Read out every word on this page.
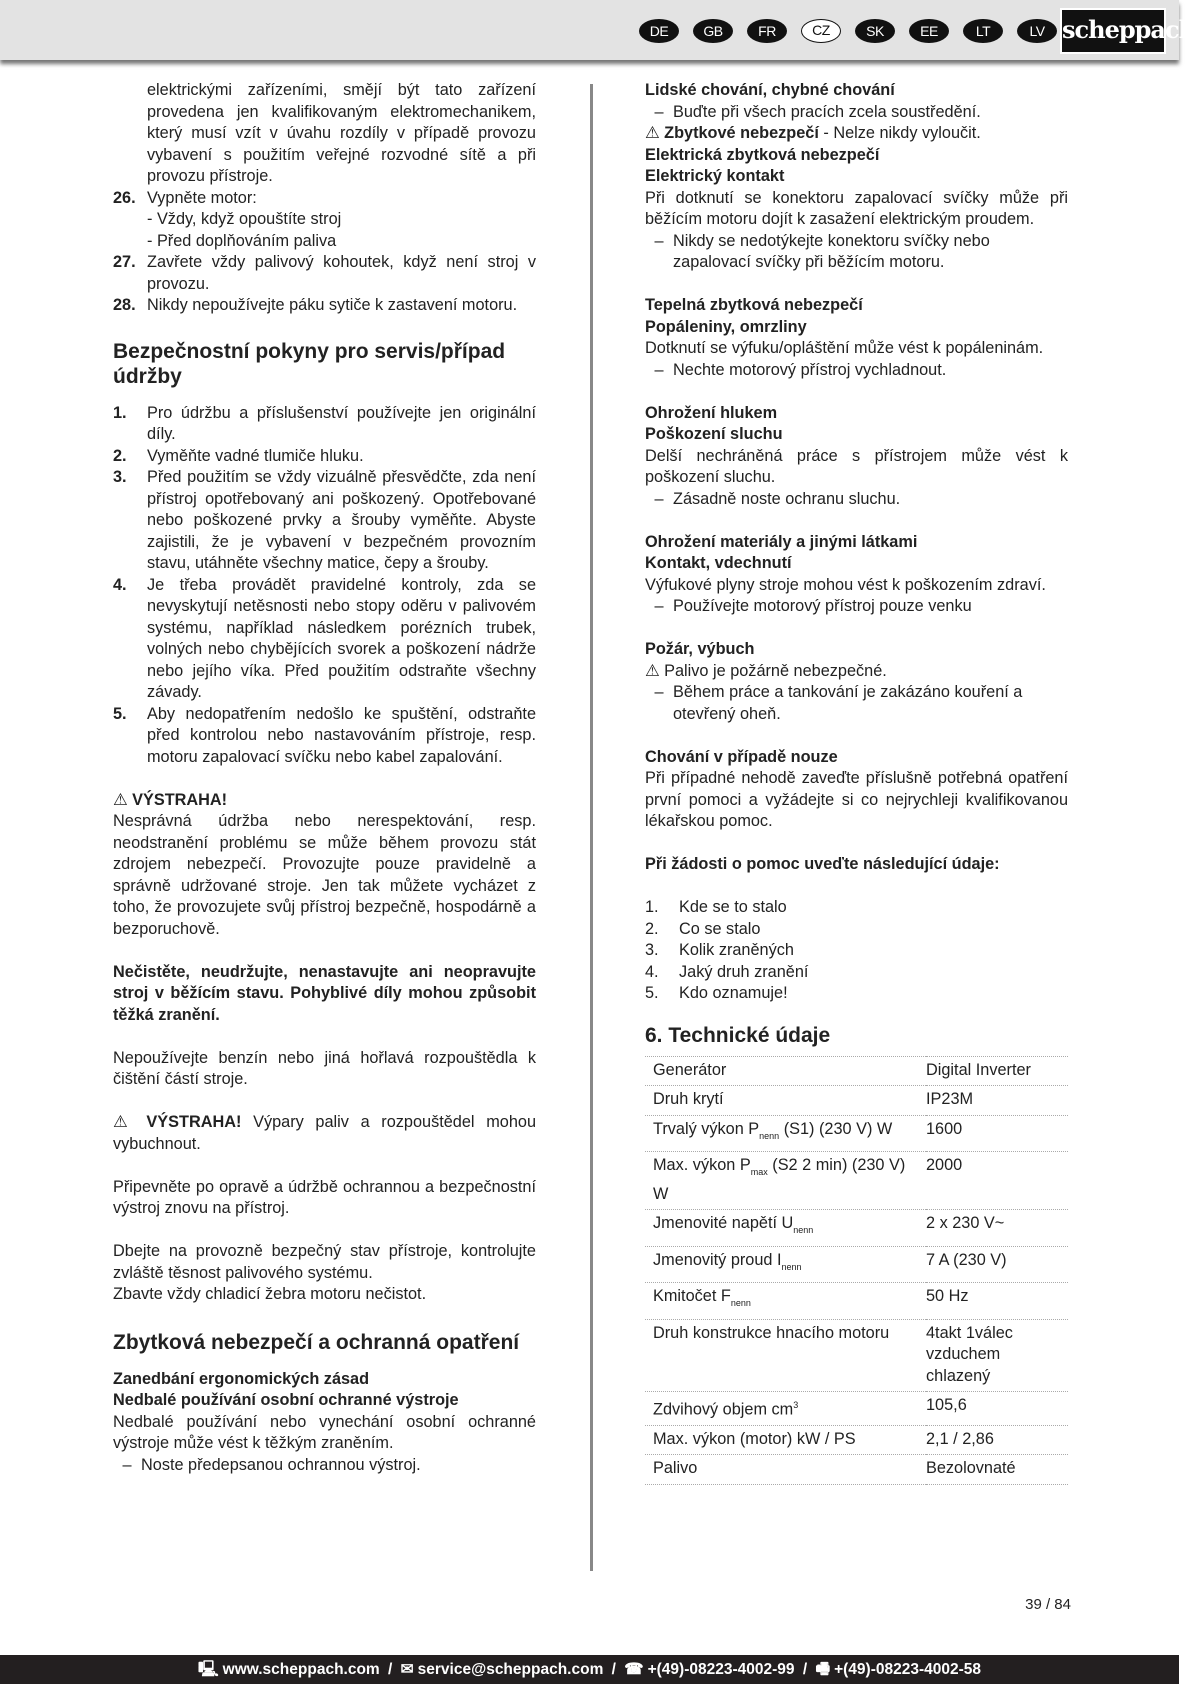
DE	GB	FR	CZ	SK	EE	LT	LV scheppach
elektrickými zařízeními, smějí být tato zařízení provedena jen kvalifikovaným elektromechanikem, který musí vzít v úvahu rozdíly v případě provozu vybavení s použitím veřejné rozvodné sítě a při provozu přístroje.
26. Vypněte motor:
- Vždy, když opouštíte stroj
- Před doplňováním paliva
27. Zavřete vždy palivový kohoutek, když není stroj v provozu.
28. Nikdy nepoužívejte páku sytiče k zastavení motoru.
Bezpečnostní pokyny pro servis/případ údržby
1.	Pro údržbu a příslušenství používejte jen originální díly.
2.	Vyměňte vadné tlumiče hluku.
3.	Před použitím se vždy vizuálně přesvědčte, zda není přístroj opotřebovaný ani poškozený. Opotřebované nebo poškozené prvky a šrouby vyměňte. Abyste zajistili, že je vybavení v bezpečném provozním stavu, utáhněte všechny matice, čepy a šrouby.
4.	Je třeba provádět pravidelné kontroly, zda se nevyskytují netěsnosti nebo stopy oděru v palivovém systému, například následkem porézních trubek, volných nebo chybějících svorek a poškození nádrže nebo jejího víka. Před použitím odstraňte všechny závady.
5.	Aby nedopatřením nedošlo ke spuštění, odstraňte před kontrolou nebo nastavováním přístroje, resp. motoru zapalovací svíčku nebo kabel zapalování.
⚠ VÝSTRAHA!
Nesprávná údržba nebo nerespektování, resp. neodstranění problému se může během provozu stát zdrojem nebezpečí. Provozujte pouze pravidelně a správně udržované stroje. Jen tak můžete vycházet z toho, že provozujete svůj přístroj bezpečně, hospodárně a bezporuchově.
Nečistěte, neudržujte, nenastavujte ani neopravujte stroj v běžícím stavu. Pohyblivé díly mohou způsobit těžká zranění.
Nepoužívejte benzín nebo jiná hořlavá rozpouštědla k čištění částí stroje.
⚠ VÝSTRAHA! Výpary paliv a rozpouštědel mohou vybuchnout.
Připevněte po opravě a údržbě ochrannou a bezpečnostní výstroj znovu na přístroj.
Dbejte na provozně bezpečný stav přístroje, kontrolujte zvláště těsnost palivového systému.
Zbavte vždy chladicí žebra motoru nečistot.
Zbytková nebezpečí a ochranná opatření
Zanedbání ergonomických zásad
Nedbalé používání osobní ochranné výstroje
Nedbalé používání nebo vynechání osobní ochranné výstroje může vést k těžkým zraněním.
– Noste předepsanou ochrannou výstroj.
Lidské chování, chybné chování
– Buďte při všech pracích zcela soustředění.
⚠ Zbytkové nebezpečí - Nelze nikdy vyloučit.
Elektrická zbytková nebezpečí
Elektrický kontakt
Při dotknutí se konektoru zapalovací svíčky může při běžícím motoru dojít k zasažení elektrickým proudem.
– Nikdy se nedotýkejte konektoru svíčky nebo zapalovací svíčky při běžícím motoru.
Tepelná zbytková nebezpečí
Popáleniny, omrzliny
Dotknutí se výfuku/opláštění může vést k popáleninám.
– Nechte motorový přístroj vychladnout.
Ohrožení hlukem
Poškození sluchu
Delší nechráněná práce s přístrojem může vést k poškození sluchu.
– Zásadně noste ochranu sluchu.
Ohrožení materiály a jinými látkami
Kontakt, vdechnutí
Výfukové plyny stroje mohou vést k poškozením zdraví.
– Používejte motorový přístroj pouze venku
Požár, výbuch
⚠ Palivo je požárně nebezpečné.
– Během práce a tankování je zakázáno kouření a otevřený oheň.
Chování v případě nouze
Při případné nehodě zaveďte příslušně potřebná opatření první pomoci a vyžádejte si co nejrychleji kvalifikovanou lékařskou pomoc.
Při žádosti o pomoc uveďte následující údaje:
1.	Kde se to stalo
2.	Co se stalo
3.	Kolik zraněných
4.	Jaký druh zranění
5.	Kdo oznamuje!
6. Technické údaje
Generátor	Digital Inverter
Druh krytí	IP23M
Trvalý výkon $P_{nenn}$ (S1) (230 V) W	1600
Max. výkon $P_{max}$ (S2 2 min) (230 V) W	2000
Jmenovité napětí $U_{nenn}$	2 x 230 V~
Jmenovitý proud $I_{nenn}$	7 A (230 V)
Kmitočet $F_{nenn}$	50 Hz
Druh konstrukce hnacího motoru	4takt 1válec vzduchem chlazený
Zdvihový objem $cm^3$	105,6
Max. výkon (motor) kW / PS	2,1 / 2,86
Palivo	Bezolovnaté
39 / 84
🖳 www.scheppach.com / ✉ service@scheppach.com / ☎ +(49)-08223-4002-99 / 🖷 +(49)-08223-4002-58
